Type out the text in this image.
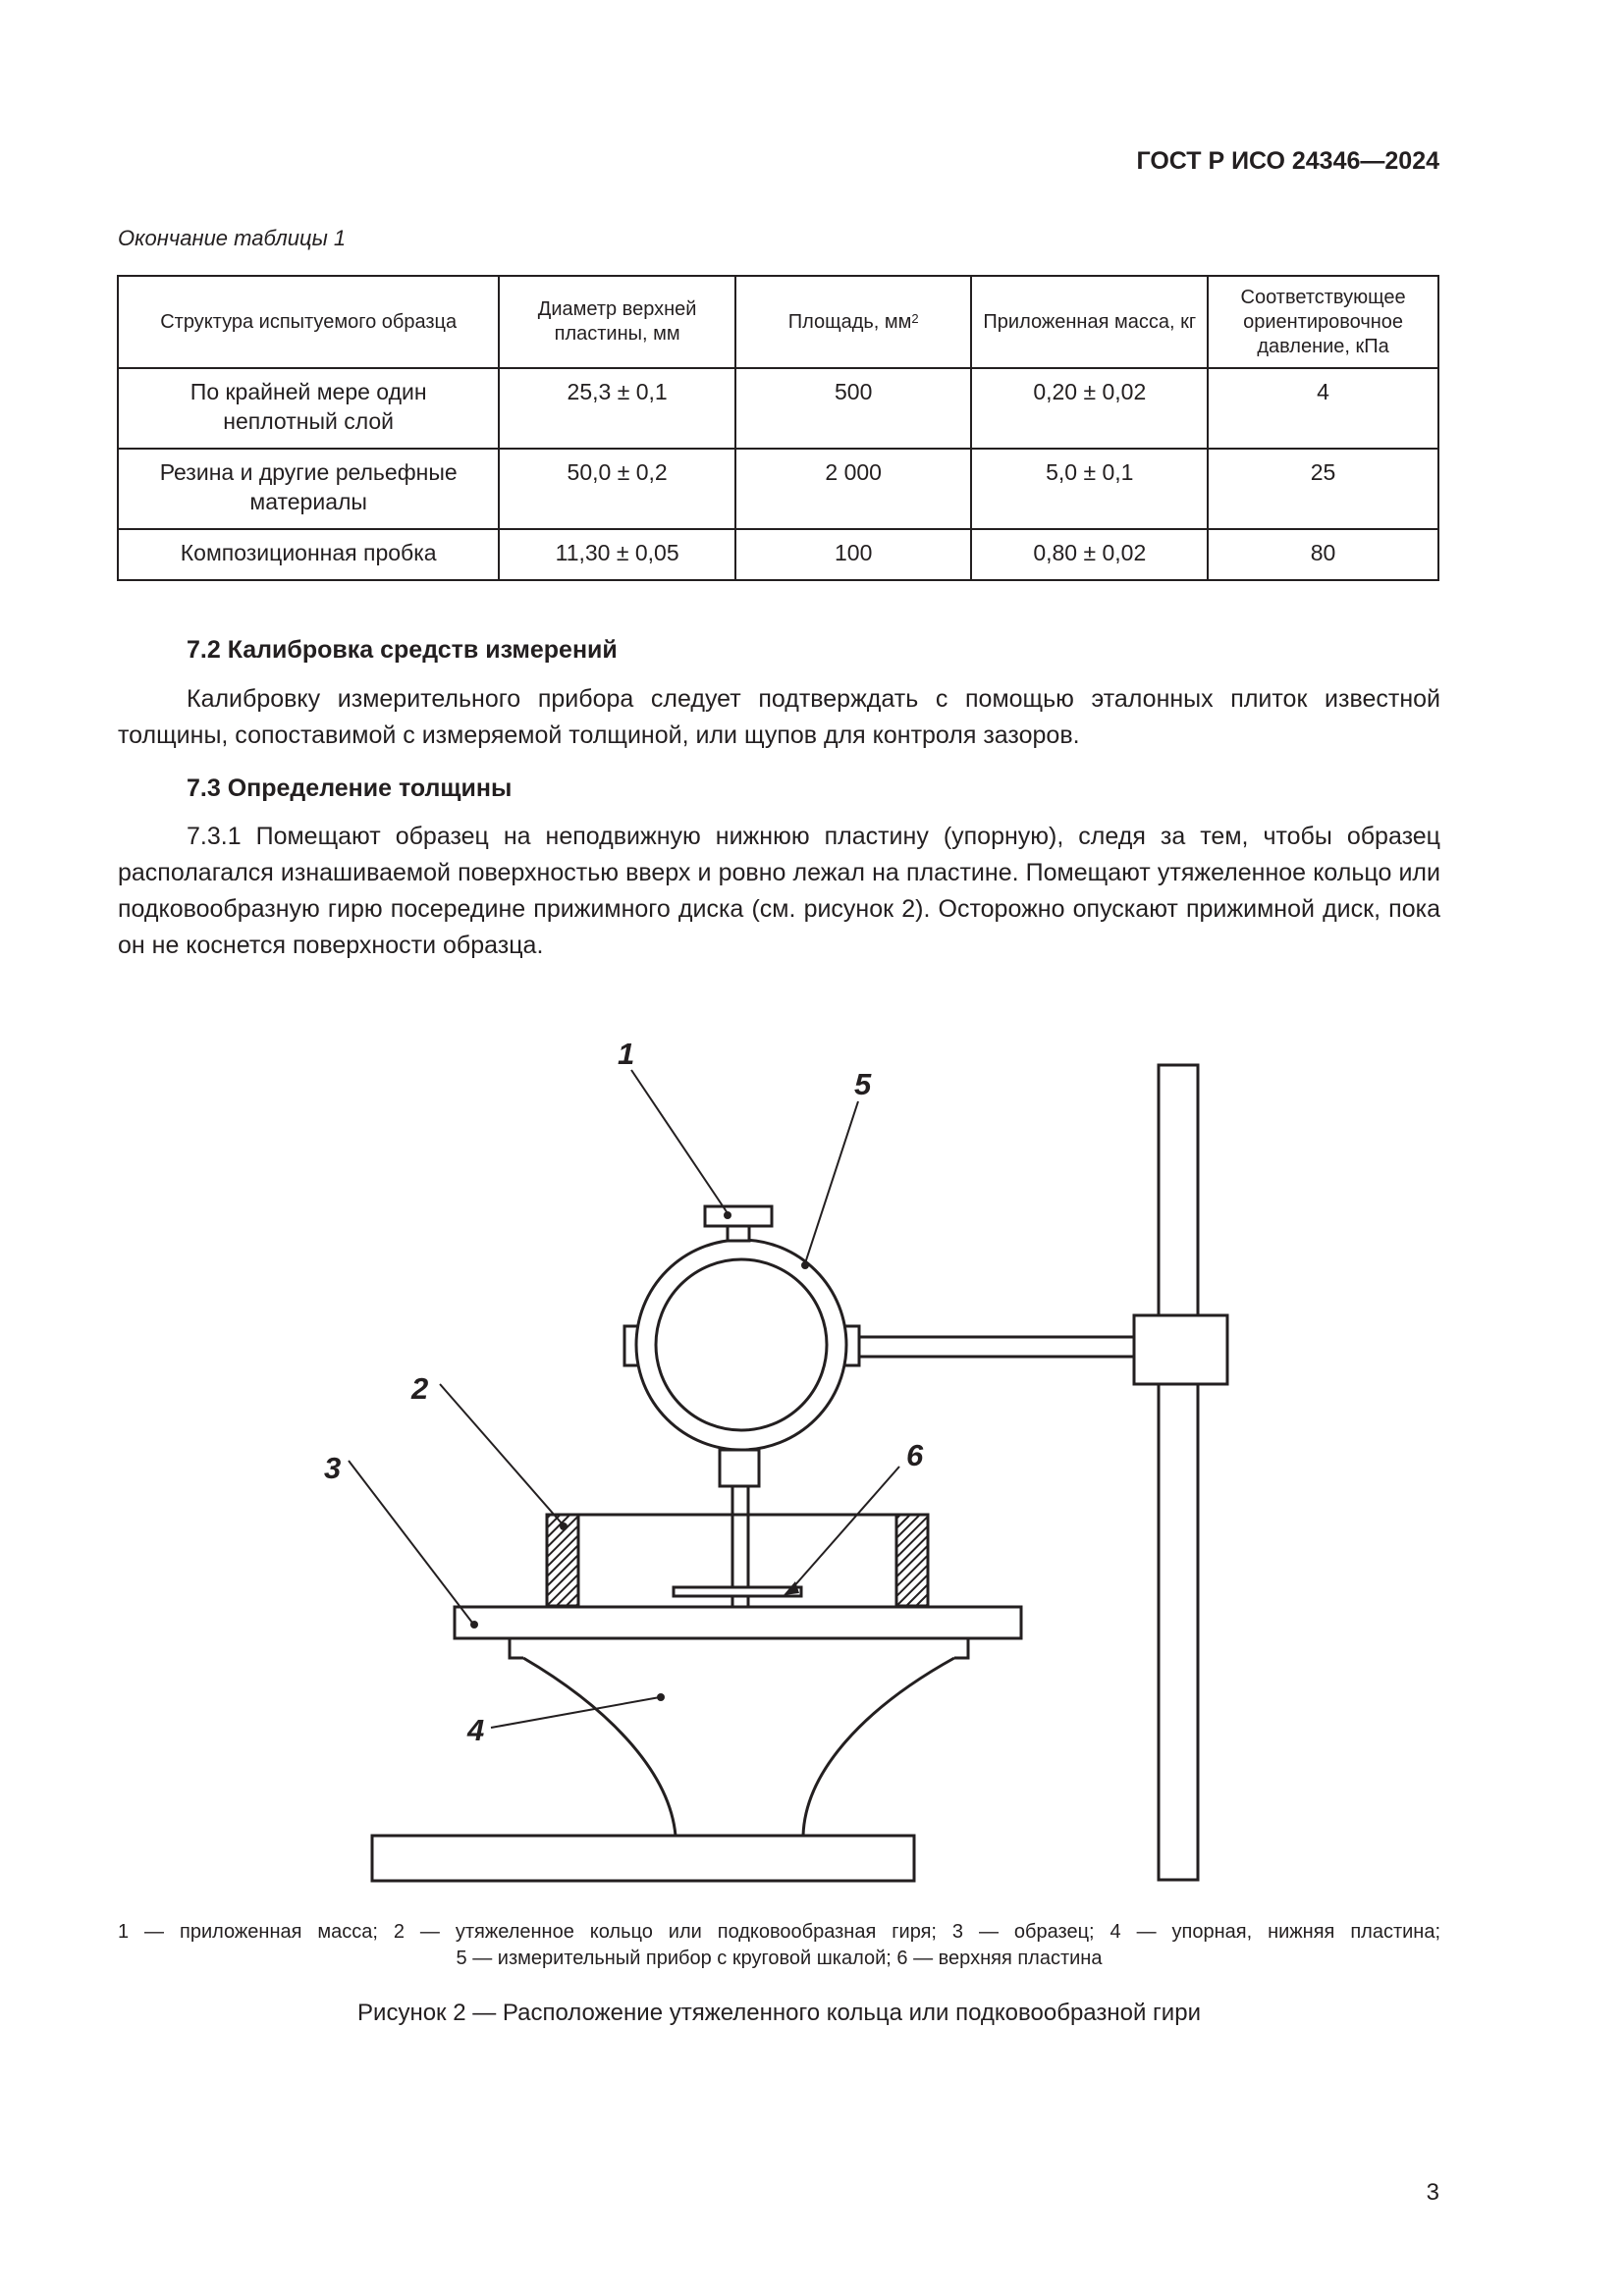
ГОСТ Р ИСО 24346—2024
Окончание таблицы 1
Структура испытуемого образца	Диаметр верхней пластины, мм	Площадь, $мм^2$	Приложенная масса, кг	Соответствующее ориентировочное давление, кПа
По крайней мере один неплотный слой	25,3 ± 0,1	500	0,20 ± 0,02	4
Резина и другие рельефные материалы	50,0 ± 0,2	2 000	5,0 ± 0,1	25
Композиционная пробка	11,30 ± 0,05	100	0,80 ± 0,02	80
7.2 Калибровка средств измерений

Калибровку измерительного прибора следует подтверждать с помощью эталонных плиток известной толщины, сопоставимой с измеряемой толщиной, или щупов для контроля зазоров.

7.3 Определение толщины

7.3.1 Помещают образец на неподвижную нижнюю пластину (упорную), следя за тем, чтобы образец располагался изнашиваемой поверхностью вверх и ровно лежал на пластине. Помещают утяжеленное кольцо или подковообразную гирю посередине прижимного диска (см. рисунок 2). Осторожно опускают прижимной диск, пока он не коснется поверхности образца.

1
2
3
4
5
6
1 — приложенная масса; 2 — утяжеленное кольцо или подковообразная гиря; 3 — образец; 4 — упорная, нижняя пластина;
5 — измерительный прибор с круговой шкалой; 6 — верхняя пластина
Рисунок 2 — Расположение утяжеленного кольца или подковообразной гири
3
